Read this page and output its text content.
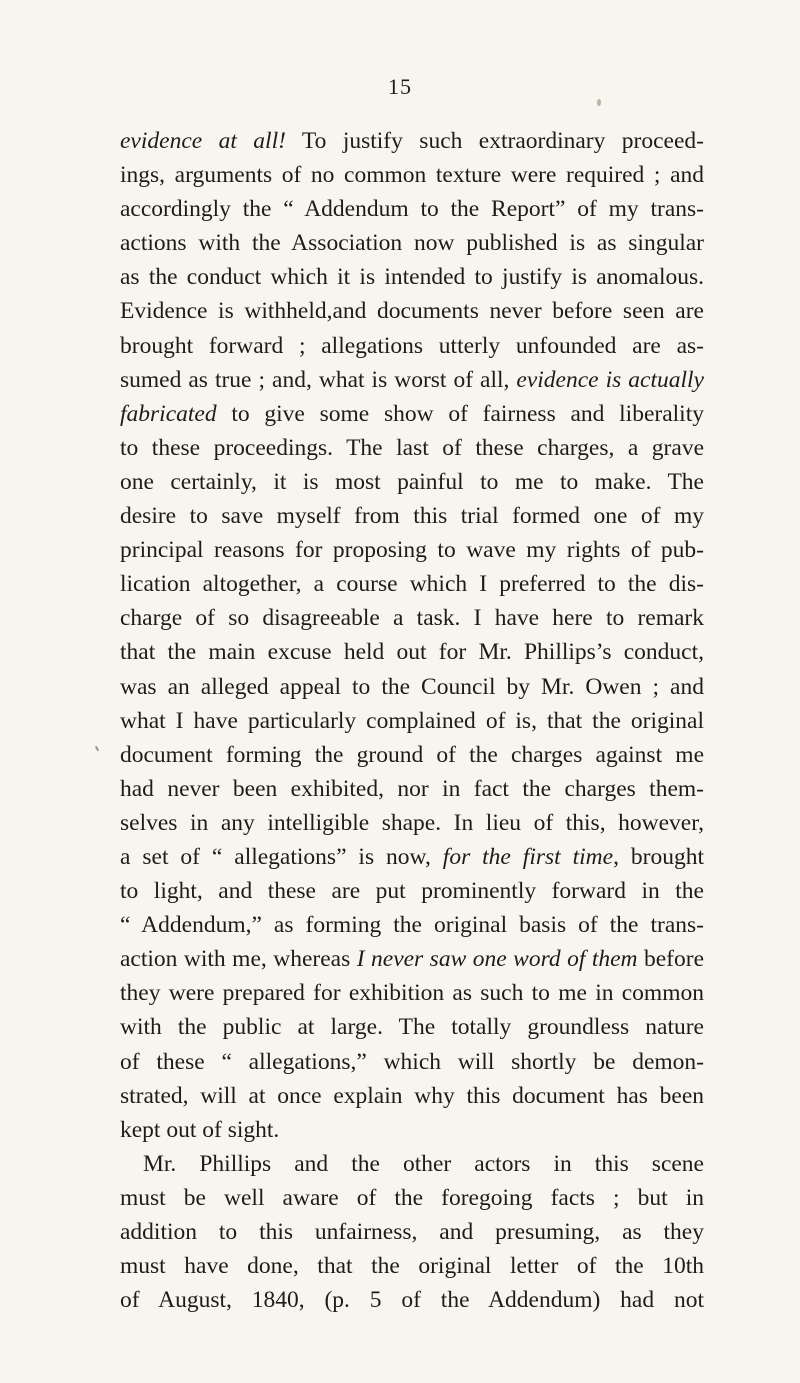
15
evidence at all! To justify such extraordinary proceed-
ings, arguments of no common texture were required ; and
accordingly the “ Addendum to the Report” of my trans-
actions with the Association now published is as singular
as the conduct which it is intended to justify is anomalous.
Evidence is withheld,and documents never before seen are
brought forward ; allegations utterly unfounded are as-
sumed as true ; and, what is worst of all, evidence is actually
fabricated to give some show of fairness and liberality
to these proceedings. The last of these charges, a grave
one certainly, it is most painful to me to make. The
desire to save myself from this trial formed one of my
principal reasons for proposing to wave my rights of pub-
lication altogether, a course which I preferred to the dis-
charge of so disagreeable a task. I have here to remark
that the main excuse held out for Mr. Phillips’s conduct,
was an alleged appeal to the Council by Mr. Owen ; and
what I have particularly complained of is, that the original
document forming the ground of the charges against me
had never been exhibited, nor in fact the charges them-
selves in any intelligible shape. In lieu of this, however,
a set of “ allegations” is now, for the first time, brought
to light, and these are put prominently forward in the
“ Addendum,” as forming the original basis of the trans-
action with me, whereas I never saw one word of them before
they were prepared for exhibition as such to me in common
with the public at large. The totally groundless nature
of these “ allegations,” which will shortly be demon-
strated, will at once explain why this document has been
kept out of sight.
Mr. Phillips and the other actors in this scene
must be well aware of the foregoing facts ; but in
addition to this unfairness, and presuming, as they
must have done, that the original letter of the 10th
of August, 1840, (p. 5 of the Addendum) had not
